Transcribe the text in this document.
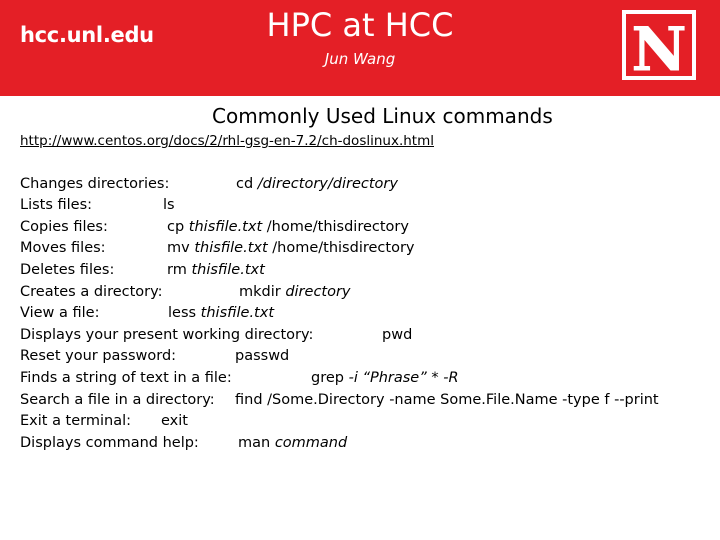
hcc.unl.edu	HPC at HCC
Jun Wang	N
Commonly Used Linux commands
http://www.centos.org/docs/2/rhl-gsg-en-7.2/ch-doslinux.html
Changes directories:	cd /directory/directory
Lists files:	ls
Copies files:	cp thisfile.txt /home/thisdirectory
Moves files:	mv thisfile.txt /home/thisdirectory
Deletes files:	rm thisfile.txt
Creates a directory:	mkdir directory
View a file:	less thisfile.txt
Displays your present working directory:	pwd
Reset your password:	passwd
Finds a string of text in a file:	grep -i “Phrase” * -R
Search a file in a directory: find /Some.Directory -name Some.File.Name -type f --print
Exit a terminal: exit
Displays command help:	man command
